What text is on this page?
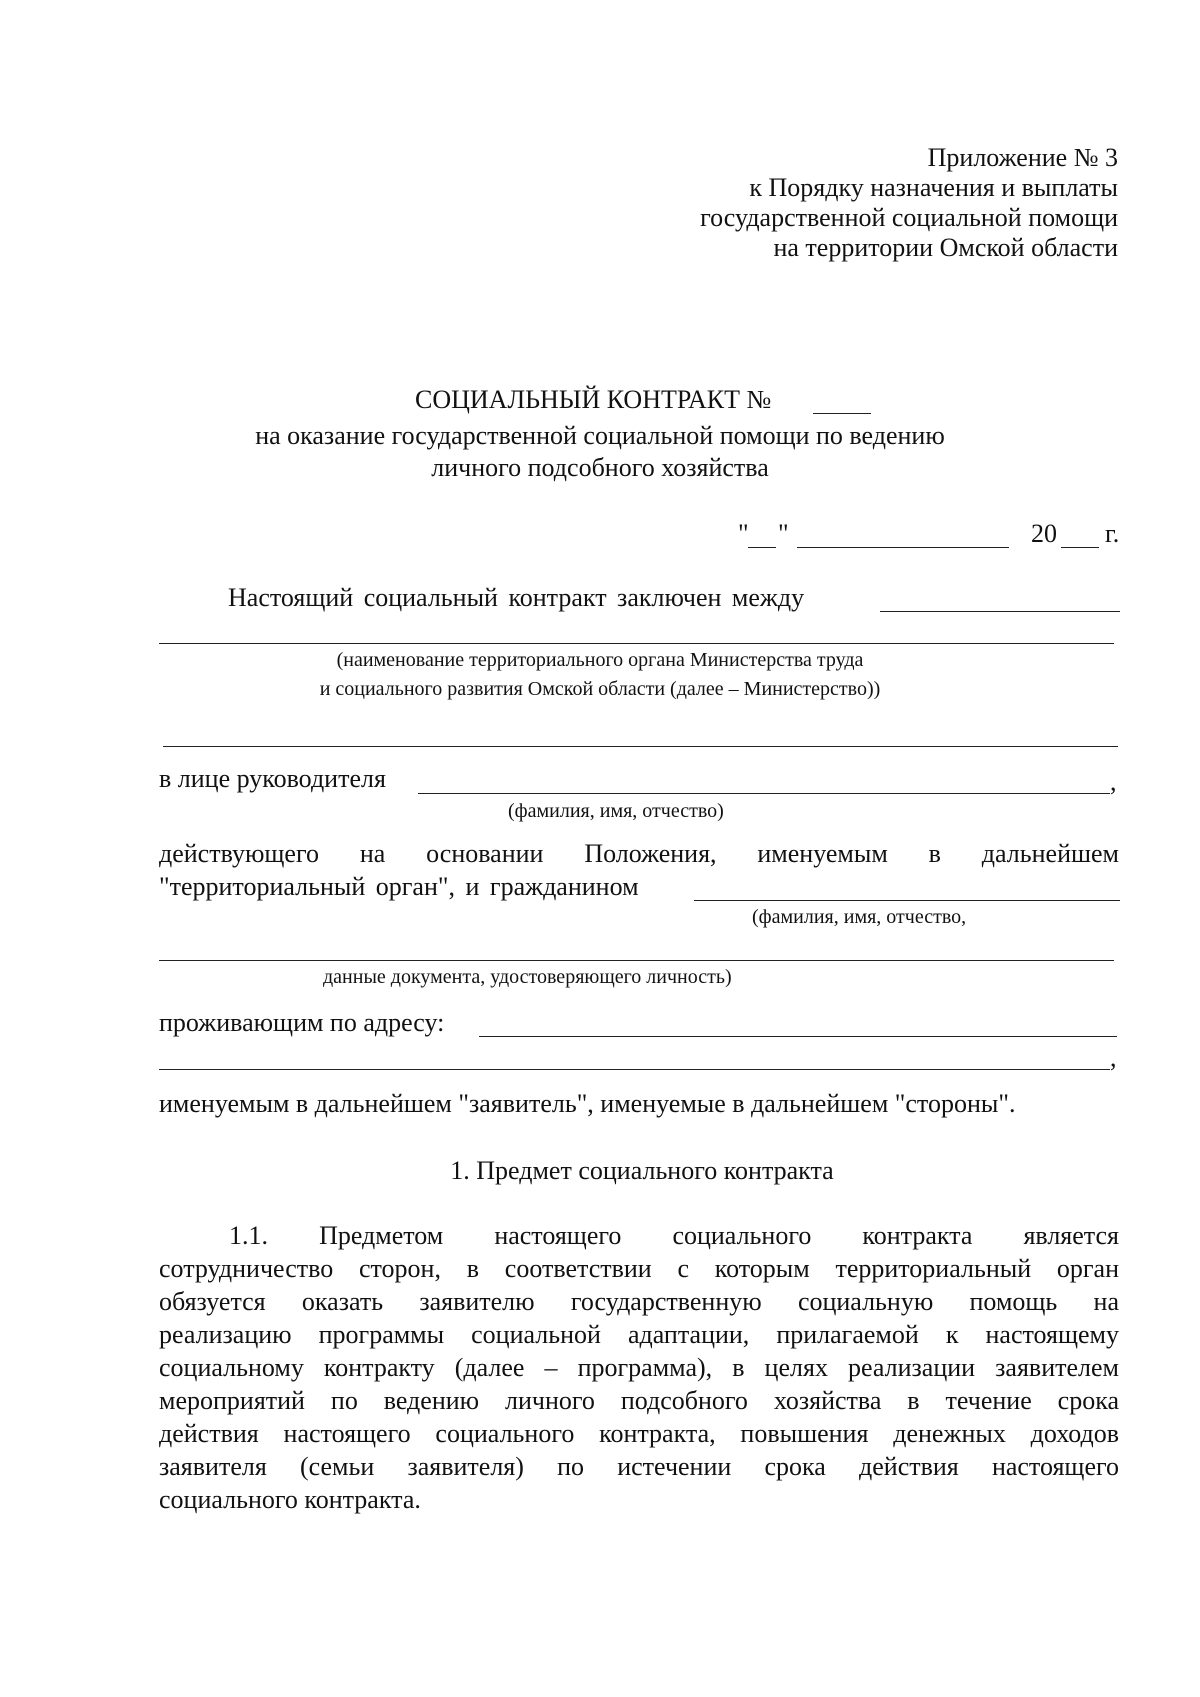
Приложение № 3
к Порядку назначения и выплаты
государственной социальной помощи
на территории Омской области
СОЦИАЛЬНЫЙ КОНТРАКТ №
на оказание государственной социальной помощи по ведению
личного подсобного хозяйства
" "	20 г.
Настоящий социальный контракт заключен между
(наименование территориального органа Министерства труда
и социального развития Омской области (далее – Министерство))
в лице руководителя	,
(фамилия, имя, отчество)
действующего на основании Положения, именуемым в дальнейшем
"территориальный орган", и гражданином
(фамилия, имя, отчество,
данные документа, удостоверяющего личность)
проживающим по адресу:
,
именуемым в дальнейшем "заявитель", именуемые в дальнейшем "стороны".
1. Предмет социального контракта
1.1. Предметом настоящего социального контракта является
сотрудничество сторон, в соответствии с которым территориальный орган
обязуется оказать заявителю государственную социальную помощь на
реализацию программы социальной адаптации, прилагаемой к настоящему
социальному контракту (далее – программа), в целях реализации заявителем
мероприятий по ведению личного подсобного хозяйства в течение срока
действия настоящего социального контракта, повышения денежных доходов
заявителя (семьи заявителя) по истечении срока действия настоящего
социального контракта.
